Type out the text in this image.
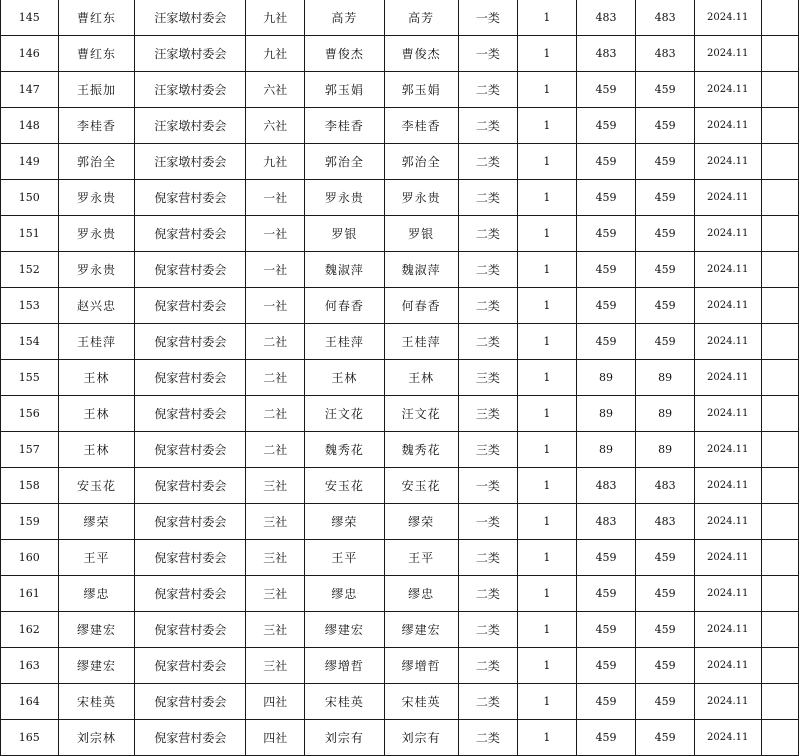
145	曹红东	汪家墩村委会	九社	高芳	高芳	一类	1	483	483	2024.11	
146	曹红东	汪家墩村委会	九社	曹俊杰	曹俊杰	一类	1	483	483	2024.11	
147	王振加	汪家墩村委会	六社	郭玉娟	郭玉娟	二类	1	459	459	2024.11	
148	李桂香	汪家墩村委会	六社	李桂香	李桂香	二类	1	459	459	2024.11	
149	郭治全	汪家墩村委会	九社	郭治全	郭治全	二类	1	459	459	2024.11	
150	罗永贵	倪家营村委会	一社	罗永贵	罗永贵	二类	1	459	459	2024.11	
151	罗永贵	倪家营村委会	一社	罗银	罗银	二类	1	459	459	2024.11	
152	罗永贵	倪家营村委会	一社	魏淑萍	魏淑萍	二类	1	459	459	2024.11	
153	赵兴忠	倪家营村委会	一社	何春香	何春香	二类	1	459	459	2024.11	
154	王桂萍	倪家营村委会	二社	王桂萍	王桂萍	二类	1	459	459	2024.11	
155	王林	倪家营村委会	二社	王林	王林	三类	1	89	89	2024.11	
156	王林	倪家营村委会	二社	汪文花	汪文花	三类	1	89	89	2024.11	
157	王林	倪家营村委会	二社	魏秀花	魏秀花	三类	1	89	89	2024.11	
158	安玉花	倪家营村委会	三社	安玉花	安玉花	一类	1	483	483	2024.11	
159	缪荣	倪家营村委会	三社	缪荣	缪荣	一类	1	483	483	2024.11	
160	王平	倪家营村委会	三社	王平	王平	二类	1	459	459	2024.11	
161	缪忠	倪家营村委会	三社	缪忠	缪忠	二类	1	459	459	2024.11	
162	缪建宏	倪家营村委会	三社	缪建宏	缪建宏	二类	1	459	459	2024.11	
163	缪建宏	倪家营村委会	三社	缪增哲	缪增哲	二类	1	459	459	2024.11	
164	宋桂英	倪家营村委会	四社	宋桂英	宋桂英	二类	1	459	459	2024.11	
165	刘宗林	倪家营村委会	四社	刘宗有	刘宗有	二类	1	459	459	2024.11	
